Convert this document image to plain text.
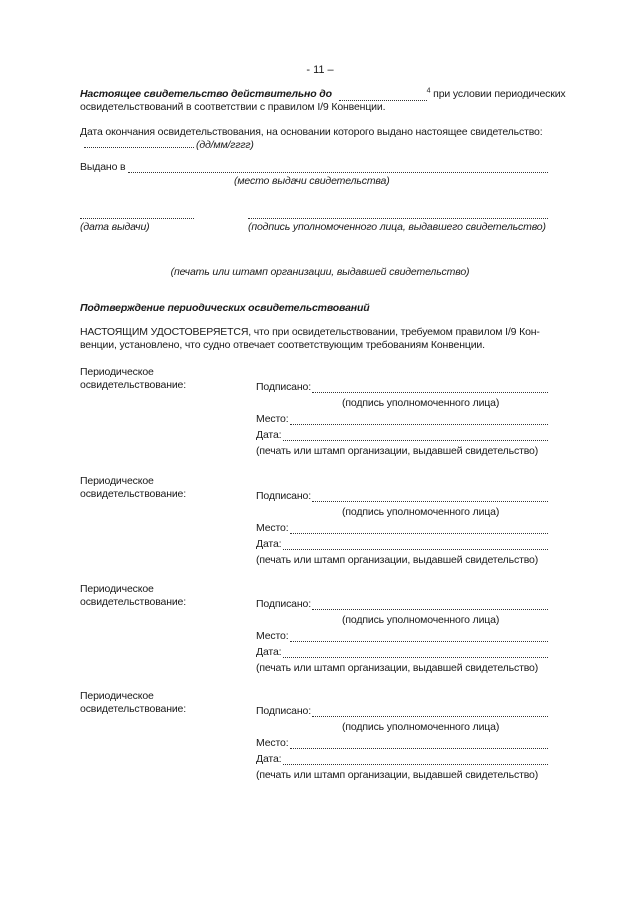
- 11 –
Настоящее свидетельство действительно до	$^4$ при условии периодических
освидетельствований в соответствии с правилом I/9 Конвенции.
Дата окончания освидетельствования, на основании которого выдано настоящее свидетельство:
(дд/мм/гггг)
Выдано в
(место выдачи свидетельства)
(дата выдачи)	(подпись уполномоченного лица, выдавшего свидетельство)
(печать или штамп организации, выдавшей свидетельство)
Подтверждение периодических освидетельствований
НАСТОЯЩИМ УДОСТОВЕРЯЕТСЯ, что при освидетельствовании, требуемом правилом I/9 Кон-
венции, установлено, что судно отвечает соответствующим требованиям Конвенции.
Периодическое
освидетельствование:	Подписано:
(подпись уполномоченного лица)
Место:
Дата:
(печать или штамп организации, выдавшей свидетельство)
Периодическое
освидетельствование:	Подписано:
(подпись уполномоченного лица)
Место:
Дата:
(печать или штамп организации, выдавшей свидетельство)
Периодическое
освидетельствование:	Подписано:
(подпись уполномоченного лица)
Место:
Дата:
(печать или штамп организации, выдавшей свидетельство)
Периодическое
освидетельствование:	Подписано:
(подпись уполномоченного лица)
Место:
Дата:
(печать или штамп организации, выдавшей свидетельство)
